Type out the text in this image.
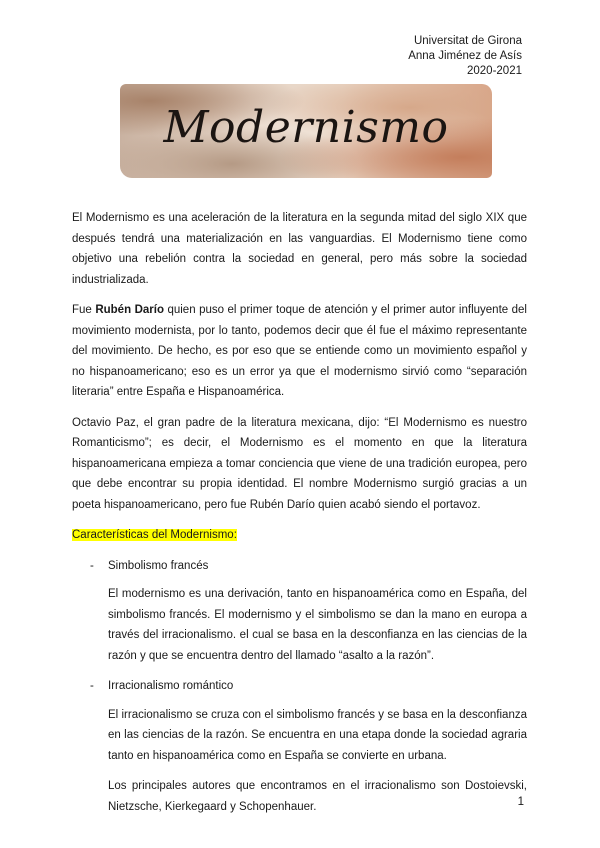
Universitat de Girona
Anna Jiménez de Asís
2020-2021
Modernismo

El Modernismo es una aceleración de la literatura en la segunda mitad del siglo XIX que después tendrá una materialización en las vanguardias. El Modernismo tiene como objetivo una rebelión contra la sociedad en general, pero más sobre la sociedad industrializada.

Fue Rubén Darío quien puso el primer toque de atención y el primer autor influyente del movimiento modernista, por lo tanto, podemos decir que él fue el máximo representante del movimiento. De hecho, es por eso que se entiende como un movimiento español y no hispanoamericano; eso es un error ya que el modernismo sirvió como “separación literaria” entre España e Hispanoamérica.

Octavio Paz, el gran padre de la literatura mexicana, dijo: “El Modernismo es nuestro Romanticismo”; es decir, el Modernismo es el momento en que la literatura hispanoamericana empieza a tomar conciencia que viene de una tradición europea, pero que debe encontrar su propia identidad. El nombre Modernismo surgió gracias a un poeta hispanoamericano, pero fue Rubén Darío quien acabó siendo el portavoz.

Características del Modernismo:
- Simbolismo francés

El modernismo es una derivación, tanto en hispanoamérica como en España, del simbolismo francés. El modernismo y el simbolismo se dan la mano en europa a través del irracionalismo. el cual se basa en la desconfianza en las ciencias de la razón y que se encuentra dentro del llamado “asalto a la razón”.

- Irracionalismo romántico

El irracionalismo se cruza con el simbolismo francés y se basa en la desconfianza en las ciencias de la razón. Se encuentra en una etapa donde la sociedad agraria tanto en hispanoamérica como en España se convierte en urbana.

Los principales autores que encontramos en el irracionalismo son Dostoievski, Nietzsche, Kierkegaard y Schopenhauer.	1
